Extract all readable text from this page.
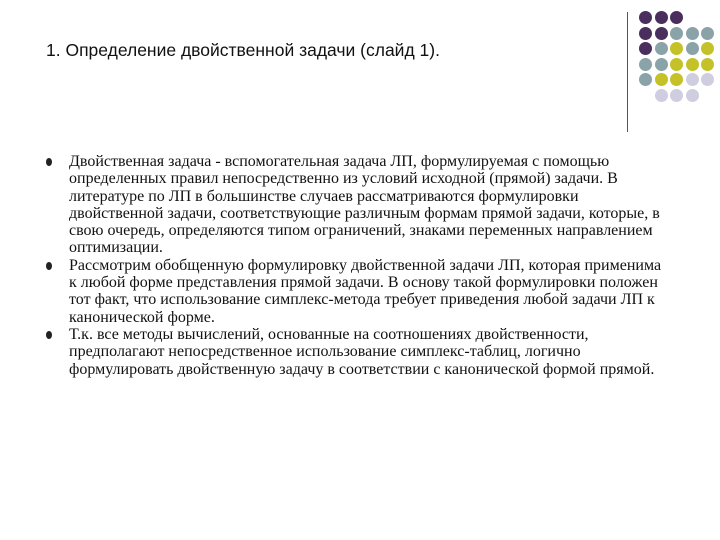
1. Определение двойственной задачи (слайд 1).
Двойственная задача - вспомогательная задача ЛП, формулируемая с помощью определенных правил непосредственно из условий исходной (прямой) задачи. В литературе по ЛП в большинстве случаев рассматриваются формулировки двойственной задачи, соответствующие различным формам прямой задачи, которые, в свою очередь, определяются типом ограничений, знаками переменных направлением оптимизации.
Рассмотрим обобщенную формулировку двойственной задачи ЛП, которая применима к любой форме представления прямой задачи. В основу такой формулировки положен тот факт, что использование симплекс-метода требует приведения любой задачи ЛП к канонической форме.
Т.к. все методы вычислений, основанные на соотношениях двойственности, предполагают непосредственное использование симплекс-таблиц, логично формулировать двойственную задачу в соответствии с канонической формой прямой.
